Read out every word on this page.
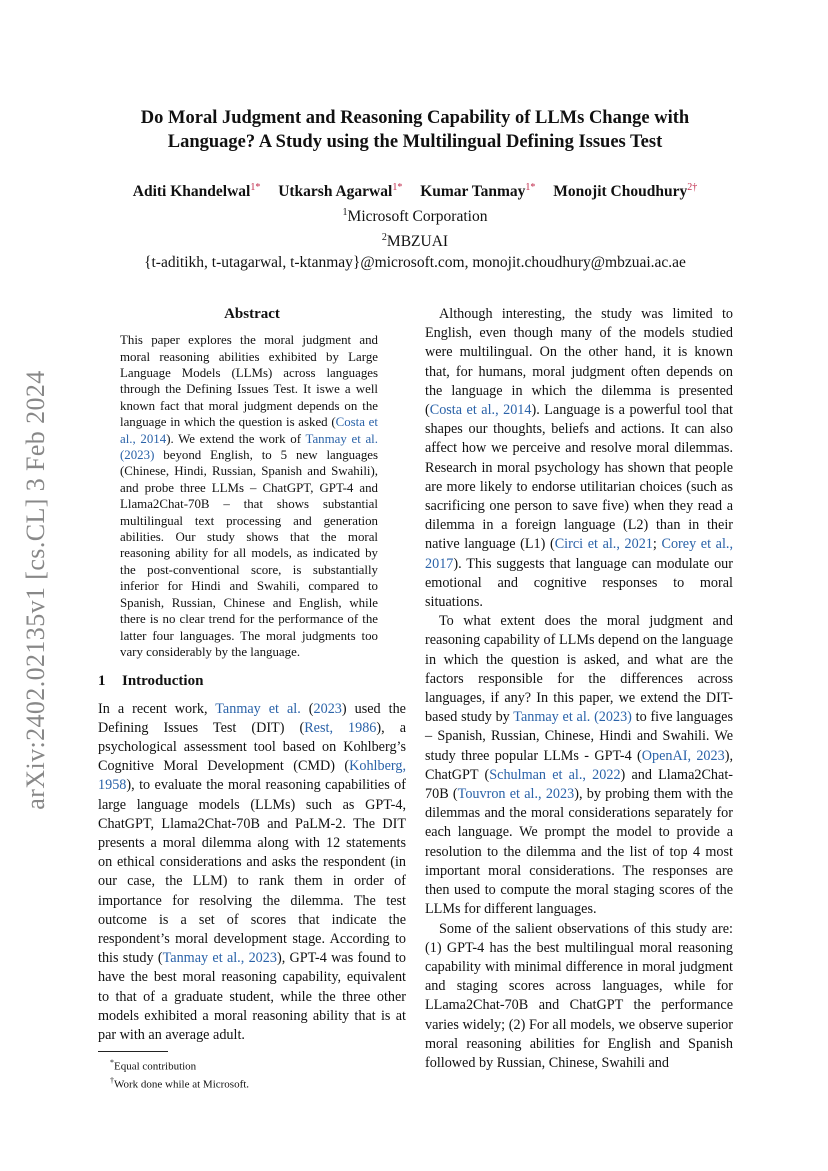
arXiv:2402.02135v1 [cs.CL] 3 Feb 2024
Do Moral Judgment and Reasoning Capability of LLMs Change with Language? A Study using the Multilingual Defining Issues Test
Aditi Khandelwal$^{1*}$ Utkarsh Agarwal$^{1*}$ Kumar Tanmay$^{1*}$ Monojit Choudhury$^{2\dagger}$
$^1$Microsoft Corporation
$^2$MBZUAI
{t-aditikh, t-utagarwal, t-ktanmay}@microsoft.com, monojit.choudhury@mbzuai.ac.ae
Abstract

This paper explores the moral judgment and moral reasoning abilities exhibited by Large Language Models (LLMs) across languages through the Defining Issues Test. It iswe a well known fact that moral judgment depends on the language in which the question is asked (Costa et al., 2014). We extend the work of Tanmay et al. (2023) beyond English, to 5 new languages (Chinese, Hindi, Russian, Spanish and Swahili), and probe three LLMs – ChatGPT, GPT-4 and Llama2Chat-70B – that shows substantial multilingual text processing and generation abilities. Our study shows that the moral reasoning ability for all models, as indicated by the post-conventional score, is substantially inferior for Hindi and Swahili, compared to Spanish, Russian, Chinese and English, while there is no clear trend for the performance of the latter four languages. The moral judgments too vary considerably by the language.

1 Introduction

In a recent work, Tanmay et al. (2023) used the Defining Issues Test (DIT) (Rest, 1986), a psychological assessment tool based on Kohlberg’s Cognitive Moral Development (CMD) (Kohlberg, 1958), to evaluate the moral reasoning capabilities of large language models (LLMs) such as GPT-4, ChatGPT, Llama2Chat-70B and PaLM-2. The DIT presents a moral dilemma along with 12 statements on ethical considerations and asks the respondent (in our case, the LLM) to rank them in order of importance for resolving the dilemma. The test outcome is a set of scores that indicate the respondent’s moral development stage. According to this study (Tanmay et al., 2023), GPT-4 was found to have the best moral reasoning capability, equivalent to that of a graduate student, while the three other models exhibited a moral reasoning ability that is at par with an average adult.

*Equal contribution
†Work done while at Microsoft.

Although interesting, the study was limited to English, even though many of the models studied were multilingual. On the other hand, it is known that, for humans, moral judgment often depends on the language in which the dilemma is presented (Costa et al., 2014). Language is a powerful tool that shapes our thoughts, beliefs and actions. It can also affect how we perceive and resolve moral dilemmas. Research in moral psychology has shown that people are more likely to endorse utilitarian choices (such as sacrificing one person to save five) when they read a dilemma in a foreign language (L2) than in their native language (L1) (Circi et al., 2021; Corey et al., 2017). This suggests that language can modulate our emotional and cognitive responses to moral situations.

To what extent does the moral judgment and reasoning capability of LLMs depend on the language in which the question is asked, and what are the factors responsible for the differences across languages, if any? In this paper, we extend the DIT-based study by Tanmay et al. (2023) to five languages – Spanish, Russian, Chinese, Hindi and Swahili. We study three popular LLMs - GPT-4 (OpenAI, 2023), ChatGPT (Schulman et al., 2022) and Llama2Chat-70B (Touvron et al., 2023), by probing them with the dilemmas and the moral considerations separately for each language. We prompt the model to provide a resolution to the dilemma and the list of top 4 most important moral considerations. The responses are then used to compute the moral staging scores of the LLMs for different languages.

Some of the salient observations of this study are: (1) GPT-4 has the best multilingual moral reasoning capability with minimal difference in moral judgment and staging scores across languages, while for LLama2Chat-70B and ChatGPT the performance varies widely; (2) For all models, we observe superior moral reasoning abilities for English and Spanish followed by Russian, Chinese, Swahili and
